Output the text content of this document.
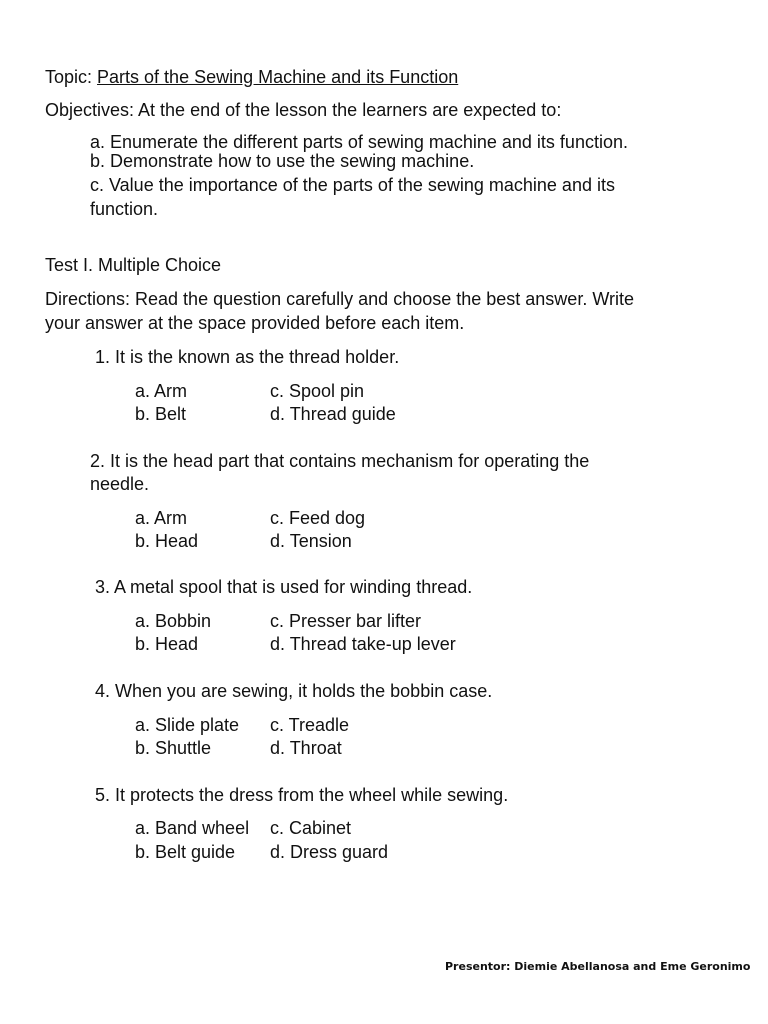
Topic: Parts of the Sewing Machine and its Function
Objectives: At the end of the lesson the learners are expected to:
a. Enumerate the different parts of sewing machine and its function.
b. Demonstrate how to use the sewing machine.
c. Value the importance of the parts of the sewing machine and its
function.
Test I. Multiple Choice
Directions: Read the question carefully and choose the best answer. Write
your answer at the space provided before each item.
1. It is the known as the thread holder.
a. Arm
b. Belt
c. Spool pin
d. Thread guide
2. It is the head part that contains mechanism for operating the
needle.
a. Arm
b. Head
c. Feed dog
d. Tension
3. A metal spool that is used for winding thread.
a. Bobbin
b. Head
c. Presser bar lifter
d. Thread take-up lever
4. When you are sewing, it holds the bobbin case.
a. Slide plate
b. Shuttle
c. Treadle
d. Throat
5. It protects the dress from the wheel while sewing.
a. Band wheel
b. Belt guide
c. Cabinet
d. Dress guard
Presentor: Diemie Abellanosa and Eme Geronimo
